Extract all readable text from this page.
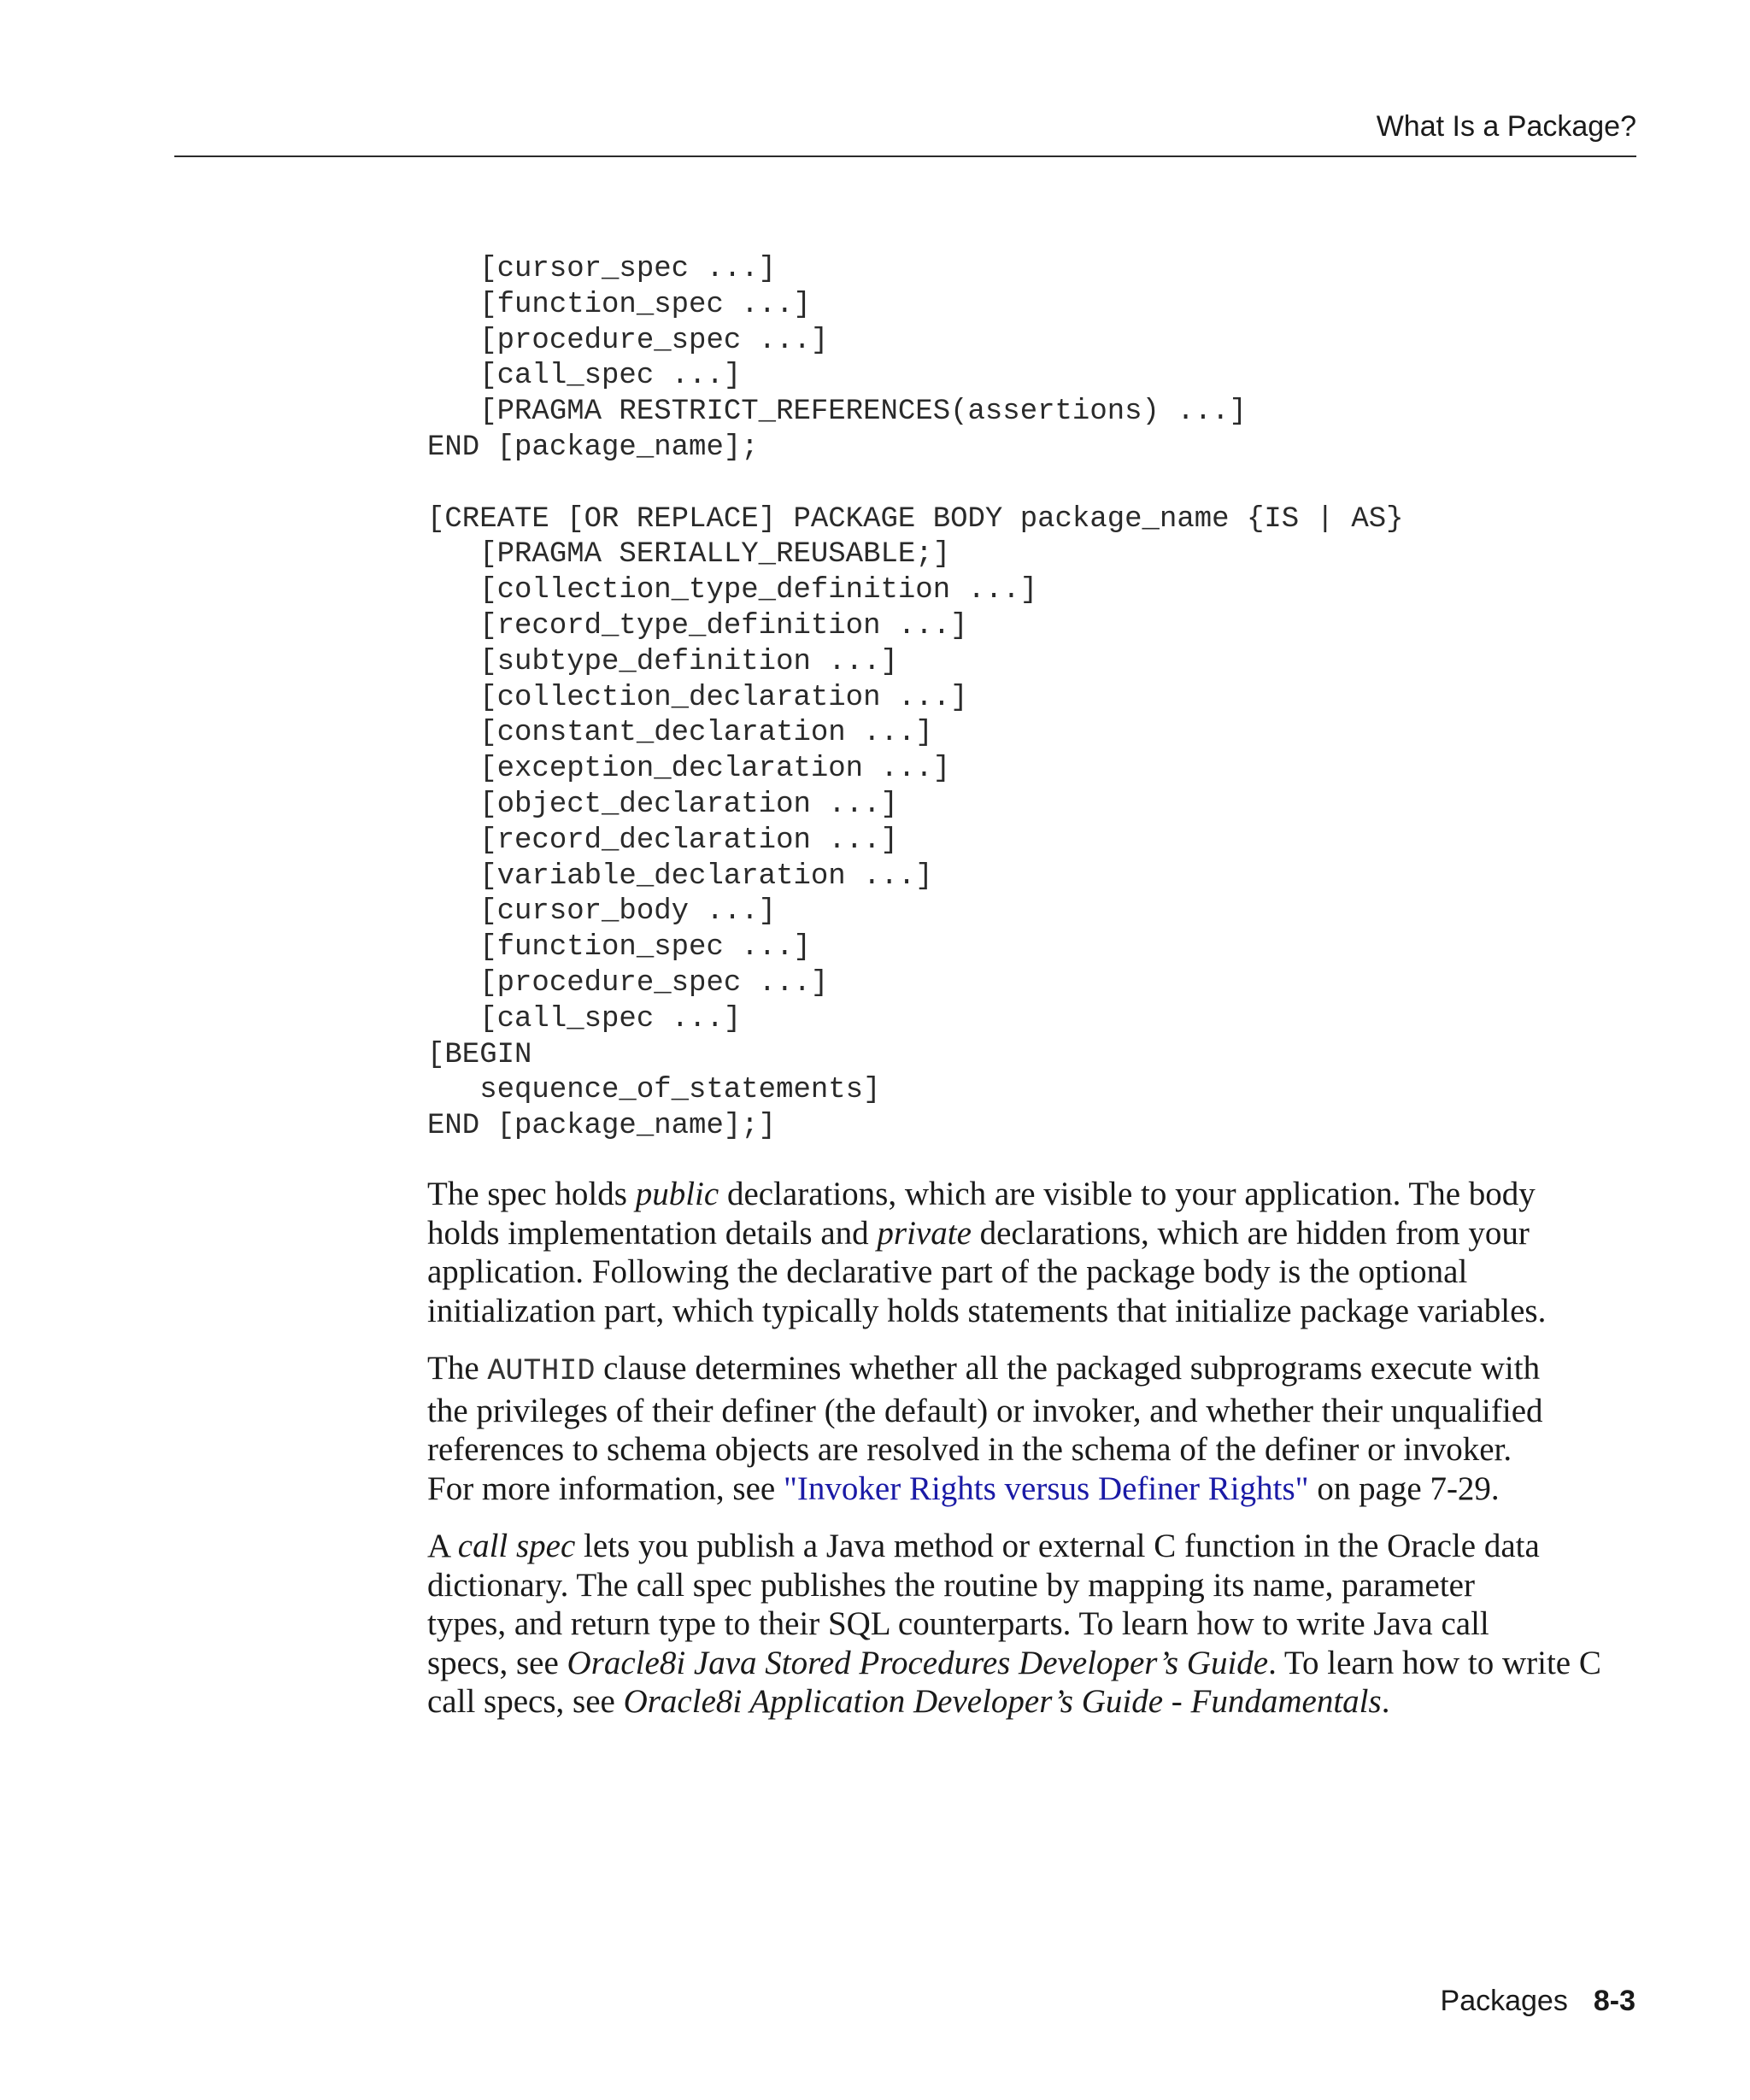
What Is a Package?
[cursor_spec ...]
[function_spec ...]
[procedure_spec ...]
[call_spec ...]
[PRAGMA RESTRICT_REFERENCES(assertions) ...]
END [package_name];
[CREATE [OR REPLACE] PACKAGE BODY package_name {IS | AS}
[PRAGMA SERIALLY_REUSABLE;]
[collection_type_definition ...]
[record_type_definition ...]
[subtype_definition ...]
[collection_declaration ...]
[constant_declaration ...]
[exception_declaration ...]
[object_declaration ...]
[record_declaration ...]
[variable_declaration ...]
[cursor_body ...]
[function_spec ...]
[procedure_spec ...]
[call_spec ...]
[BEGIN
sequence_of_statements]
END [package_name];]

The spec holds public declarations, which are visible to your application. The body
holds implementation details and private declarations, which are hidden from your
application. Following the declarative part of the package body is the optional
initialization part, which typically holds statements that initialize package variables.

The AUTHID clause determines whether all the packaged subprograms execute with
the privileges of their definer (the default) or invoker, and whether their unqualified
references to schema objects are resolved in the schema of the definer or invoker.
For more information, see "Invoker Rights versus Definer Rights" on page 7-29.

A call spec lets you publish a Java method or external C function in the Oracle data
dictionary. The call spec publishes the routine by mapping its name, parameter
types, and return type to their SQL counterparts. To learn how to write Java call
specs, see Oracle8i Java Stored Procedures Developer’s Guide. To learn how to write C
call specs, see Oracle8i Application Developer’s Guide - Fundamentals.

Packages 8-3
